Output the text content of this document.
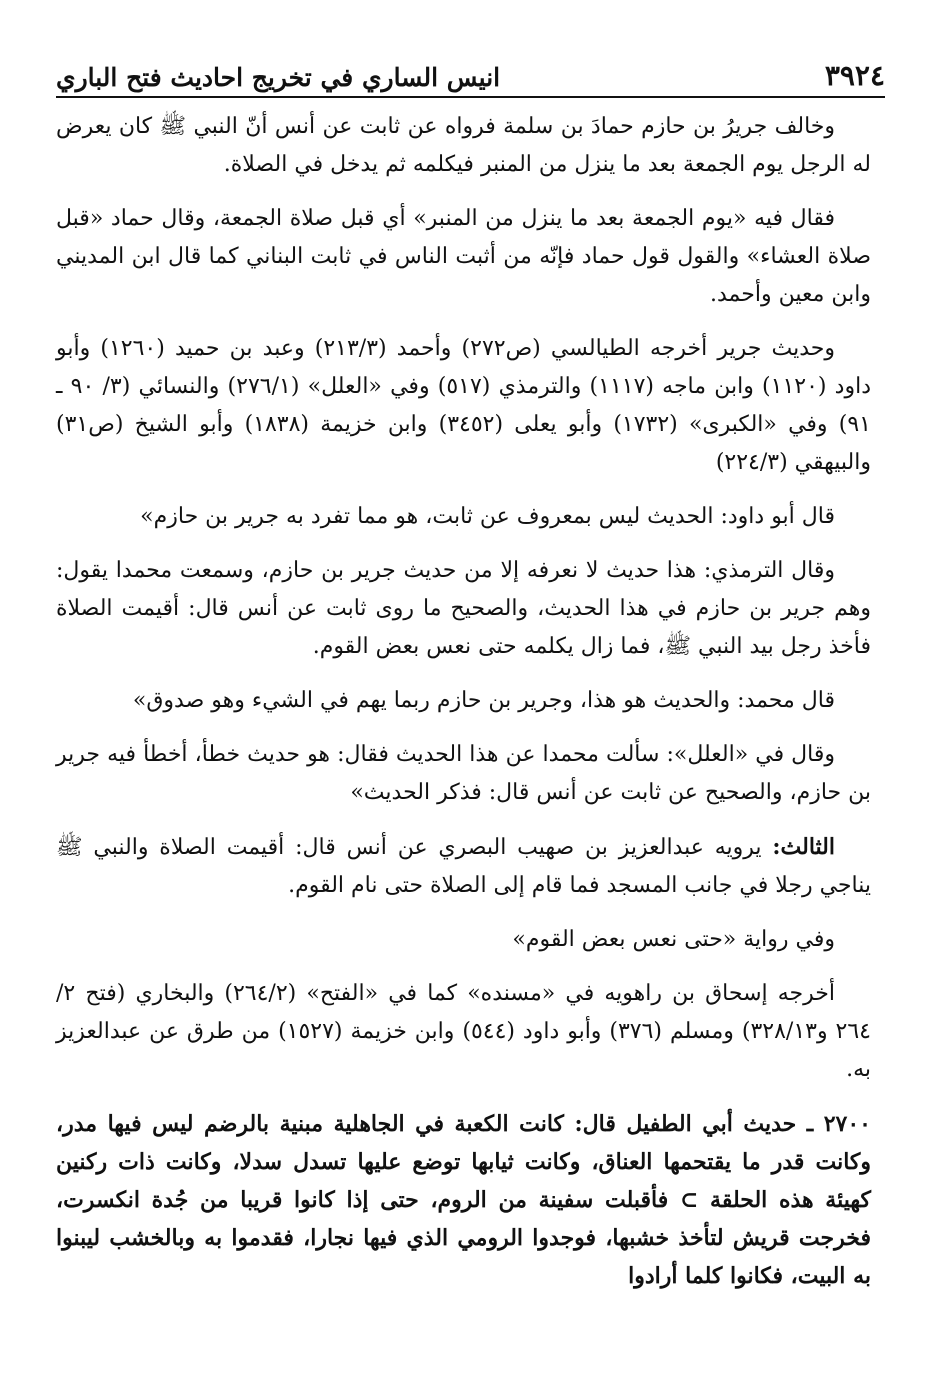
٣٩٢٤
انيس الساري في تخريج احاديث فتح الباري

وخالف جريرُ بن حازم حمادَ بن سلمة فرواه عن ثابت عن أنس أنّ النبي ﷺ كان يعرض له الرجل يوم الجمعة بعد ما ينزل من المنبر فيكلمه ثم يدخل في الصلاة.

فقال فيه «يوم الجمعة بعد ما ينزل من المنبر» أي قبل صلاة الجمعة، وقال حماد «قبل صلاة العشاء» والقول قول حماد فإنّه من أثبت الناس في ثابت البناني كما قال ابن المديني وابن معين وأحمد.

وحديث جرير أخرجه الطيالسي (ص٢٧٢) وأحمد (٢١٣/٣) وعبد بن حميد (١٢٦٠) وأبو داود (١١٢٠) وابن ماجه (١١١٧) والترمذي (٥١٧) وفي «العلل» (٢٧٦/١) والنسائي (٣/ ٩٠ ـ ٩١) وفي «الكبرى» (١٧٣٢) وأبو يعلى (٣٤٥٢) وابن خزيمة (١٨٣٨) وأبو الشيخ (ص٣١) والبيهقي (٢٢٤/٣)

قال أبو داود: الحديث ليس بمعروف عن ثابت، هو مما تفرد به جرير بن حازم»

وقال الترمذي: هذا حديث لا نعرفه إلا من حديث جرير بن حازم، وسمعت محمدا يقول: وهم جرير بن حازم في هذا الحديث، والصحيح ما روى ثابت عن أنس قال: أقيمت الصلاة فأخذ رجل بيد النبي ﷺ، فما زال يكلمه حتى نعس بعض القوم.

قال محمد: والحديث هو هذا، وجرير بن حازم ربما يهم في الشيء وهو صدوق»

وقال في «العلل»: سألت محمدا عن هذا الحديث فقال: هو حديث خطأ، أخطأ فيه جرير بن حازم، والصحيح عن ثابت عن أنس قال: فذكر الحديث»

الثالث: يرويه عبدالعزيز بن صهيب البصري عن أنس قال: أقيمت الصلاة والنبي ﷺ يناجي رجلا في جانب المسجد فما قام إلى الصلاة حتى نام القوم.

وفي رواية «حتى نعس بعض القوم»

أخرجه إسحاق بن راهويه في «مسنده» كما في «الفتح» (٢٦٤/٢) والبخاري (فتح ٢/ ٢٦٤ و٣٢٨/١٣) ومسلم (٣٧٦) وأبو داود (٥٤٤) وابن خزيمة (١٥٢٧) من طرق عن عبدالعزيز به.

٢٧٠٠ ـ حديث أبي الطفيل قال: كانت الكعبة في الجاهلية مبنية بالرضم ليس فيها مدر، وكانت قدر ما يقتحمها العناق، وكانت ثيابها توضع عليها تسدل سدلا، وكانت ذات ركنين كهيئة هذه الحلقة ⊃ فأقبلت سفينة من الروم، حتى إذا كانوا قريبا من جُدة انكسرت، فخرجت قريش لتأخذ خشبها، فوجدوا الرومي الذي فيها نجارا، فقدموا به وبالخشب ليبنوا به البيت، فكانوا كلما أرادوا
